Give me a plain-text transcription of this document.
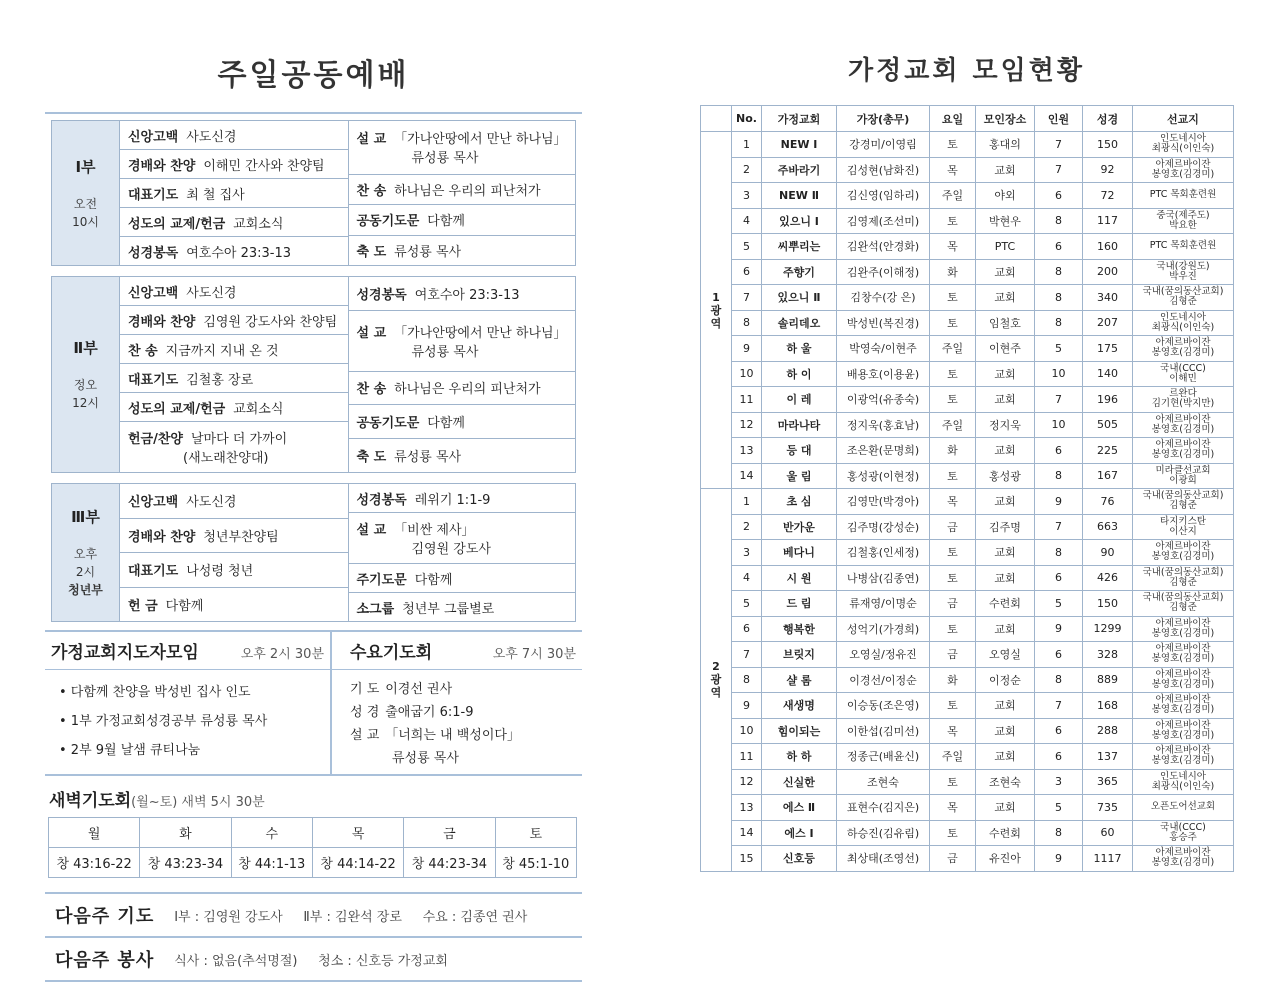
주일공동예배
Ⅰ부
오전
10시
신앙고백 사도신경
경배와 찬양 이해민 간사와 찬양팀
대표기도 최 철 집사
성도의 교제/헌금 교회소식
성경봉독 여호수아 23:3-13
설 교 「가나안땅에서 만난 하나님」
류성룡 목사
찬 송 하나님은 우리의 피난처가
공동기도문 다함께
축 도 류성룡 목사
Ⅱ부
정오
12시
신앙고백 사도신경
경배와 찬양 김영원 강도사와 찬양팀
찬 송 지금까지 지내 온 것
대표기도 김철홍 장로
성도의 교제/헌금 교회소식
헌금/찬양 날마다 더 가까이
(새노래찬양대)
성경봉독 여호수아 23:3-13
설 교 「가나안땅에서 만난 하나님」
류성룡 목사
찬 송 하나님은 우리의 피난처가
공동기도문 다함께
축 도 류성룡 목사
Ⅲ부
오후
2시
청년부
신앙고백 사도신경
경배와 찬양 청년부찬양팀
대표기도 나성령 청년
헌 금 다함께
성경봉독 레위기 1:1-9
설 교 「비싼 제사」
김영원 강도사
주기도문 다함께
소그룹 청년부 그룹별로
가정교회지도자모임	오후 2시 30분
• 다함께 찬양을 박성빈 집사 인도
• 1부 가정교회성경공부 류성룡 목사
• 2부 9월 날샘 큐티나눔
수요기도회	오후 7시 30분
기 도 이경선 권사
성 경 출애굽기 6:1-9
설 교 「너희는 내 백성이다」
류성룡 목사
새벽기도회(월~토) 새벽 5시 30분
월	화	수	목	금	토
창 43:16-22	창 43:23-34	창 44:1-13	창 44:14-22	창 44:23-34	창 45:1-10
다음주 기도 Ⅰ부 : 김영원 강도사     Ⅱ부 : 김완석 장로     수요 : 김종연 권사
다음주 봉사 식사 : 없음(추석명절)     청소 : 신호등 가정교회
가정교회 모임현황
	No.	가정교회	가장(총무)	요일	모인장소	인원	성경	선교지
1
광
역	1	NEW Ⅰ	강경미/이영림	토	홍대의	7	150	인도네시아
최광식(이인숙)
	2	주바라기	김성현(남화진)	목	교회	7	92	아제르바이잔
봉영호(김경미)
	3	NEW Ⅱ	김신영(임하리)	주일	야외	6	72	PTC 목회훈련원
	4	있으니 Ⅰ	김영제(조선미)	토	박현우	8	117	중국(제주도)
박요한
	5	씨뿌리는	김완석(안경화)	목	PTC	6	160	PTC 목회훈련원
	6	주향기	김완주(이해정)	화	교회	8	200	국내(강원도)
박우진
	7	있으니 Ⅱ	김창수(강 은)	토	교회	8	340	국내(꿈의동산교회)
김형준
	8	솔리데오	박성빈(복진경)	토	임철호	8	207	인도네시아
최광식(이인숙)
	9	하 울	박영숙/이현주	주일	이현주	5	175	아제르바이잔
봉영호(김경미)
	10	하 이	배용호(이용윤)	토	교회	10	140	국내(CCC)
이해민
	11	이 레	이광억(유종숙)	토	교회	7	196	르완다
김기현(박지만)
	12	마라나타	정지욱(홍효남)	주일	정지욱	10	505	아제르바이잔
봉영호(김경미)
	13	등 대	조은환(문명희)	화	교회	6	225	아제르바이잔
봉영호(김경미)
	14	울 림	홍성광(이현정)	토	홍성광	8	167	미라클선교회
이광희
2
광
역	1	초 심	김영만(박경아)	목	교회	9	76	국내(꿈의동산교회)
김형준
	2	반가운	김주명(강성순)	금	김주명	7	663	타지키스탄
이산지
	3	베다니	김철홍(인세정)	토	교회	8	90	아제르바이잔
봉영호(김경미)
	4	시 원	나병삼(김종연)	토	교회	6	426	국내(꿈의동산교회)
김형준
	5	드 림	류재영/이명순	금	수련회	5	150	국내(꿈의동산교회)
김형준
	6	행복한	성억기(가경희)	토	교회	9	1299	아제르바이잔
봉영호(김경미)
	7	브릿지	오영실/정유진	금	오영실	6	328	아제르바이잔
봉영호(김경미)
	8	샬 롬	이경선/이정순	화	이정순	8	889	아제르바이잔
봉영호(김경미)
	9	새생명	이승동(조은영)	토	교회	7	168	아제르바이잔
봉영호(김경미)
	10	힘이되는	이한섭(김미선)	목	교회	6	288	아제르바이잔
봉영호(김경미)
	11	하 하	정종근(배윤신)	주일	교회	6	137	아제르바이잔
봉영호(김경미)
	12	신실한	조현숙	토	조현숙	3	365	인도네시아
최광식(이인숙)
	13	에스 Ⅱ	표현수(김지은)	목	교회	5	735	오픈도어선교회
	14	에스 Ⅰ	하승진(김유림)	토	수련회	8	60	국내(CCC)
홍승주
	15	신호등	최상태(조영선)	금	유진아	9	1117	아제르바이잔
봉영호(김경미)
